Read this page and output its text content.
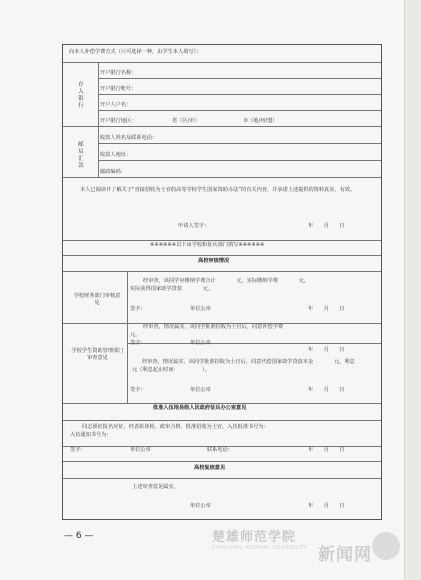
向本人补偿学费方式（只可选择一种，由学生本人填写）：
存入银行
开户银行名称：
开户银行账号：
开户人户名：
开户银行地区：	省（区/市）	市（地/州/盟）
邮局汇款
收款人姓名及联系电话：
收款人地址：
邮政编码：
本人已阅读并了解关于“直接招收为士官的高等学校学生国家资助办法”的有关内容，并承诺上述提供的资料真实、有效。
申请人签字：	年　　月　　日
※※※※※※以下由学校和征兵部门填写※※※※※※
高校审核情况
学校财务部门审核意见
经审查，该同学应缴纳学费合计　　　　元，实际缴纳学费　　　　元，
实际获得国家助学贷款　　　　元。
签字：	单位公章	年　　月　　日
学校学生资助管理部门审查意见
经审查，情况属实，该同学批准招收为士官后，同意补偿学费
元。
签字：	单位公章
年　　月　　日
经审查，情况属实，该同学批准招收为士官后，同意代偿国家助学贷款本金　　　　元，利息　　　　元（利息起止时间：　　　　　）。
签字：	单位公章	年　　月　　日
批准入伍地县级人民政府征兵办公室意见
同志预征报名应征，经表彰体检、政审合格，批准招收为士官，入伍批准书号为：
入伍通知书号为：
签字：	单位公章	联系电话：	年　　月　　日
高校复核意见
上述审查意见属实。
单位公章	年　　月　　日
— 6 —	楚雄师范学院
CHUXIONG NORMAL UNIVERSITY 新闻网
